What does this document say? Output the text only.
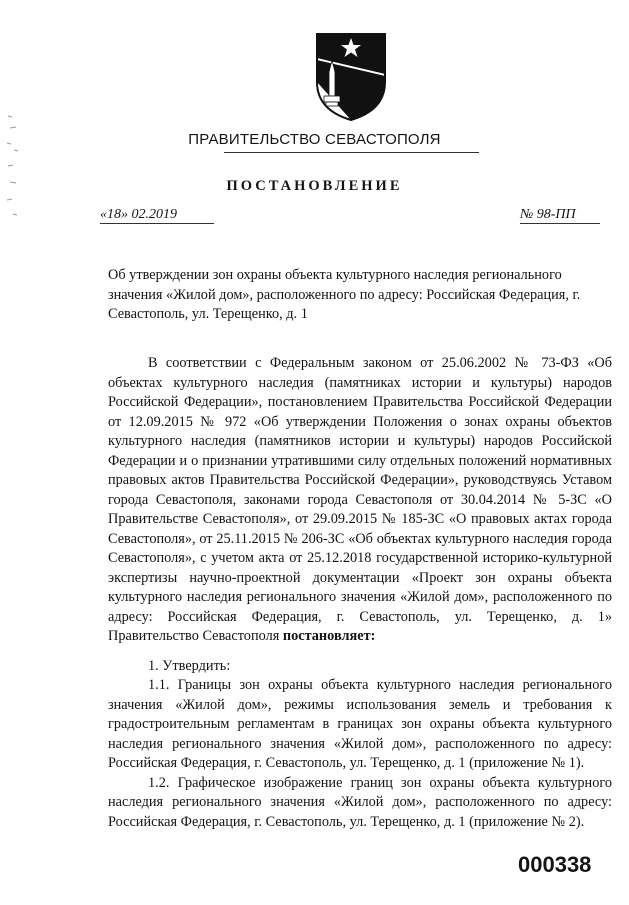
ПРАВИТЕЛЬСТВО СЕВАСТОПОЛЯ
ПОСТАНОВЛЕНИЕ
«18» 02.2019	№ 98-ПП
Об утверждении зон охраны объекта культурного наследия регионального значения «Жилой дом», расположенного по адресу: Российская Федерация, г. Севастополь, ул. Терещенко, д. 1

В соответствии с Федеральным законом от 25.06.2002 № 73-ФЗ «Об объектах культурного наследия (памятниках истории и культуры) народов Российской Федерации», постановлением Правительства Российской Федерации от 12.09.2015 № 972 «Об утверждении Положения о зонах охраны объектов культурного наследия (памятников истории и культуры) народов Российской Федерации и о признании утратившими силу отдельных положений нормативных правовых актов Правительства Российской Федерации», руководствуясь Уставом города Севастополя, законами города Севастополя от 30.04.2014 № 5-ЗС «О Правительстве Севастополя», от 29.09.2015 № 185-ЗС «О правовых актах города Севастополя», от 25.11.2015 № 206-ЗС «Об объектах культурного наследия города Севастополя», с учетом акта от 25.12.2018 государственной историко-культурной экспертизы научно-проектной документации «Проект зон охраны объекта культурного наследия регионального значения «Жилой дом», расположенного по адресу: Российская Федерация, г. Севастополь, ул. Терещенко, д. 1» Правительство Севастополя постановляет:

1. Утвердить:

1.1. Границы зон охраны объекта культурного наследия регионального значения «Жилой дом», режимы использования земель и требования к градостроительным регламентам в границах зон охраны объекта культурного наследия регионального значения «Жилой дом», расположенного по адресу: Российская Федерация, г. Севастополь, ул. Терещенко, д. 1 (приложение № 1).

1.2. Графическое изображение границ зон охраны объекта культурного наследия регионального значения «Жилой дом», расположенного по адресу: Российская Федерация, г. Севастополь, ул. Терещенко, д. 1 (приложение № 2).

000338
